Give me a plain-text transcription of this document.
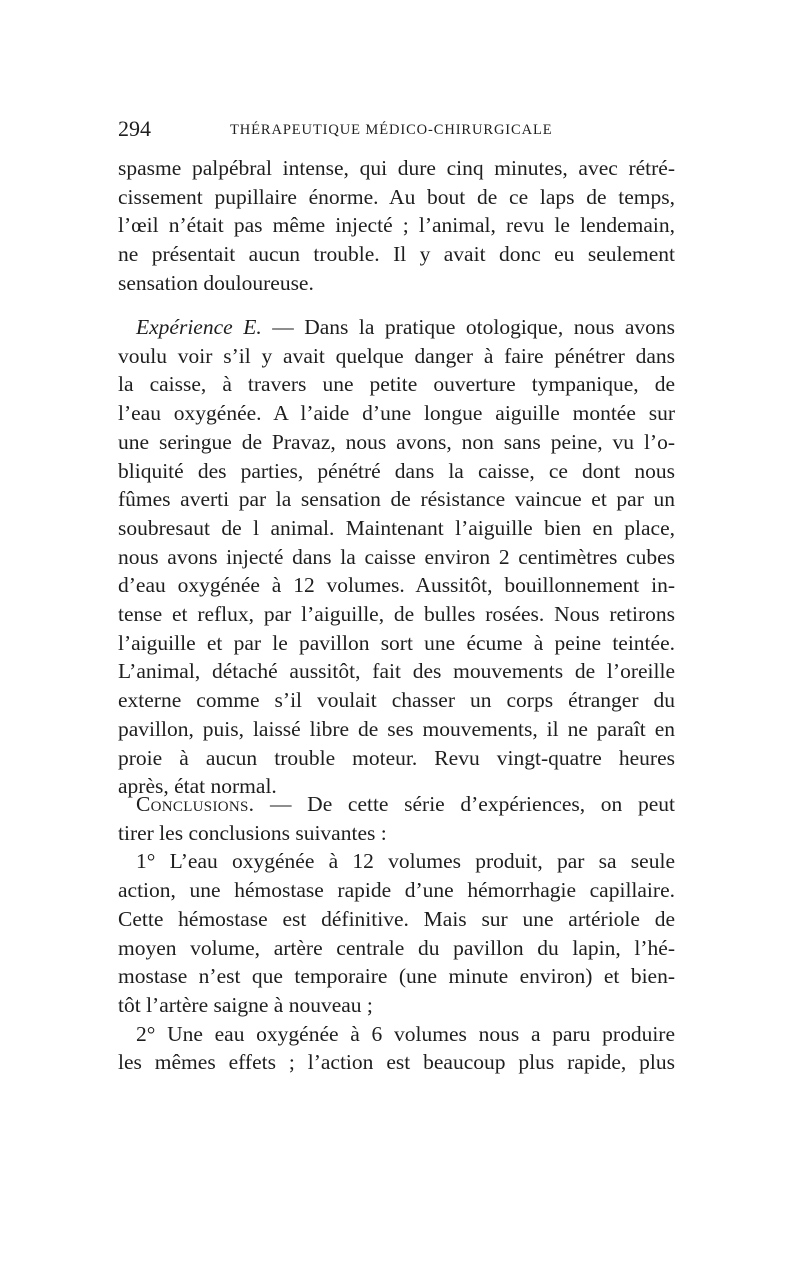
294	THÉRAPEUTIQUE MÉDICO-CHIRURGICALE
spasme palpébral intense, qui dure cinq minutes, avec rétré-
cissement pupillaire énorme. Au bout de ce laps de temps,
l’œil n’était pas même injecté ; l’animal, revu le lendemain,
ne présentait aucun trouble. Il y avait donc eu seulement
sensation douloureuse.
Expérience E. — Dans la pratique otologique, nous avons
voulu voir s’il y avait quelque danger à faire pénétrer dans
la caisse, à travers une petite ouverture tympanique, de
l’eau oxygénée. A l’aide d’une longue aiguille montée sur
une seringue de Pravaz, nous avons, non sans peine, vu l’o-
bliquité des parties, pénétré dans la caisse, ce dont nous
fûmes averti par la sensation de résistance vaincue et par un
soubresaut de l animal. Maintenant l’aiguille bien en place,
nous avons injecté dans la caisse environ 2 centimètres cubes
d’eau oxygénée à 12 volumes. Aussitôt, bouillonnement in-
tense et reflux, par l’aiguille, de bulles rosées. Nous retirons
l’aiguille et par le pavillon sort une écume à peine teintée.
L’animal, détaché aussitôt, fait des mouvements de l’oreille
externe comme s’il voulait chasser un corps étranger du
pavillon, puis, laissé libre de ses mouvements, il ne paraît en
proie à aucun trouble moteur. Revu vingt-quatre heures
après, état normal.
Conclusions. — De cette série d’expériences, on peut
tirer les conclusions suivantes :
1° L’eau oxygénée à 12 volumes produit, par sa seule
action, une hémostase rapide d’une hémorrhagie capillaire.
Cette hémostase est définitive. Mais sur une artériole de
moyen volume, artère centrale du pavillon du lapin, l’hé-
mostase n’est que temporaire (une minute environ) et bien-
tôt l’artère saigne à nouveau ;
2° Une eau oxygénée à 6 volumes nous a paru produire
les mêmes effets ; l’action est beaucoup plus rapide, plus
